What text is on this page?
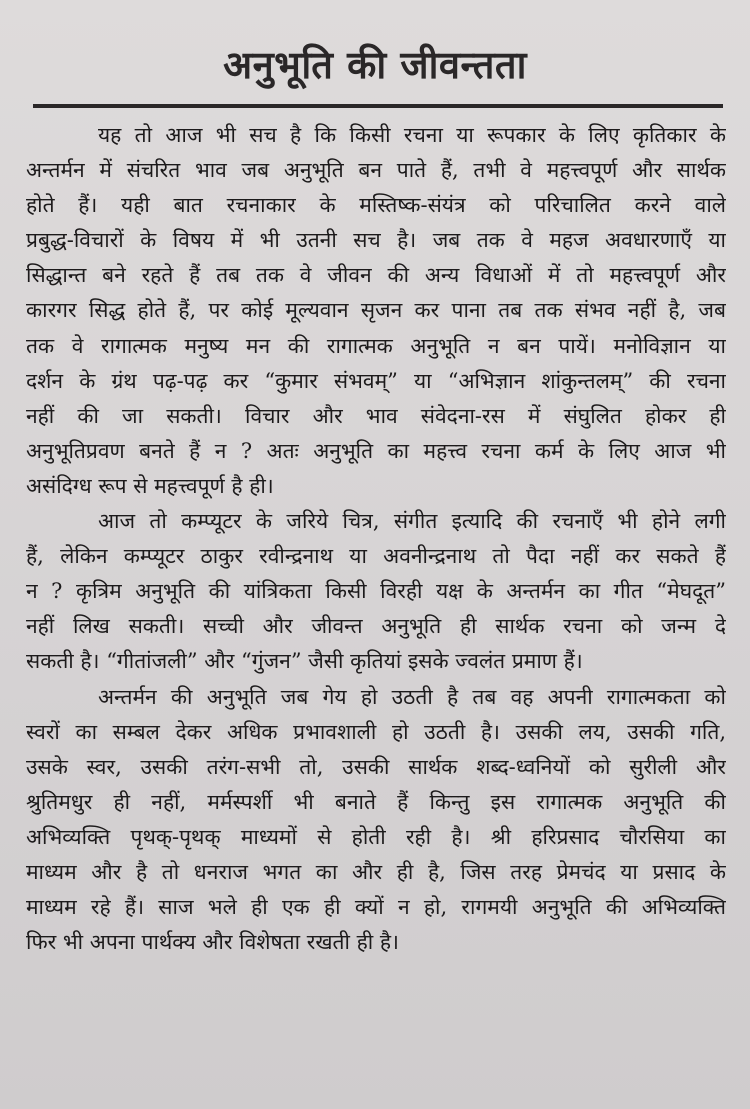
अनुभूति की जीवन्तता
यह तो आज भी सच है कि किसी रचना या रूपकार के लिए कृतिकार के
अन्तर्मन में संचरित भाव जब अनुभूति बन पाते हैं, तभी वे महत्त्वपूर्ण और सार्थक
होते हैं। यही बात रचनाकार के मस्तिष्क-संयंत्र को परिचालित करने वाले
प्रबुद्ध-विचारों के विषय में भी उतनी सच है। जब तक वे महज अवधारणाएँ या
सिद्धान्त बने रहते हैं तब तक वे जीवन की अन्य विधाओं में तो महत्त्वपूर्ण और
कारगर सिद्ध होते हैं, पर कोई मूल्यवान सृजन कर पाना तब तक संभव नहीं है, जब
तक वे रागात्मक मनुष्य मन की रागात्मक अनुभूति न बन पायें। मनोविज्ञान या
दर्शन के ग्रंथ पढ़-पढ़ कर “कुमार संभवम्” या “अभिज्ञान शांकुन्तलम्” की रचना
नहीं की जा सकती। विचार और भाव संवेदना-रस में संघुलित होकर ही
अनुभूतिप्रवण बनते हैं न ? अतः अनुभूति का महत्त्व रचना कर्म के लिए आज भी
असंदिग्ध रूप से महत्त्वपूर्ण है ही।
आज तो कम्प्यूटर के जरिये चित्र, संगीत इत्यादि की रचनाएँ भी होने लगी
हैं, लेकिन कम्प्यूटर ठाकुर रवीन्द्रनाथ या अवनीन्द्रनाथ तो पैदा नहीं कर सकते हैं
न ? कृत्रिम अनुभूति की यांत्रिकता किसी विरही यक्ष के अन्तर्मन का गीत “मेघदूत”
नहीं लिख सकती। सच्ची और जीवन्त अनुभूति ही सार्थक रचना को जन्म दे
सकती है। “गीतांजली” और “गुंजन” जैसी कृतियां इसके ज्वलंत प्रमाण हैं।
अन्तर्मन की अनुभूति जब गेय हो उठती है तब वह अपनी रागात्मकता को
स्वरों का सम्बल देकर अधिक प्रभावशाली हो उठती है। उसकी लय, उसकी गति,
उसके स्वर, उसकी तरंग-सभी तो, उसकी सार्थक शब्द-ध्वनियों को सुरीली और
श्रुतिमधुर ही नहीं, मर्मस्पर्शी भी बनाते हैं किन्तु इस रागात्मक अनुभूति की
अभिव्यक्ति पृथक्-पृथक् माध्यमों से होती रही है। श्री हरिप्रसाद चौरसिया का
माध्यम और है तो धनराज भगत का और ही है, जिस तरह प्रेमचंद या प्रसाद के
माध्यम रहे हैं। साज भले ही एक ही क्यों न हो, रागमयी अनुभूति की अभिव्यक्ति
फिर भी अपना पार्थक्य और विशेषता रखती ही है।
